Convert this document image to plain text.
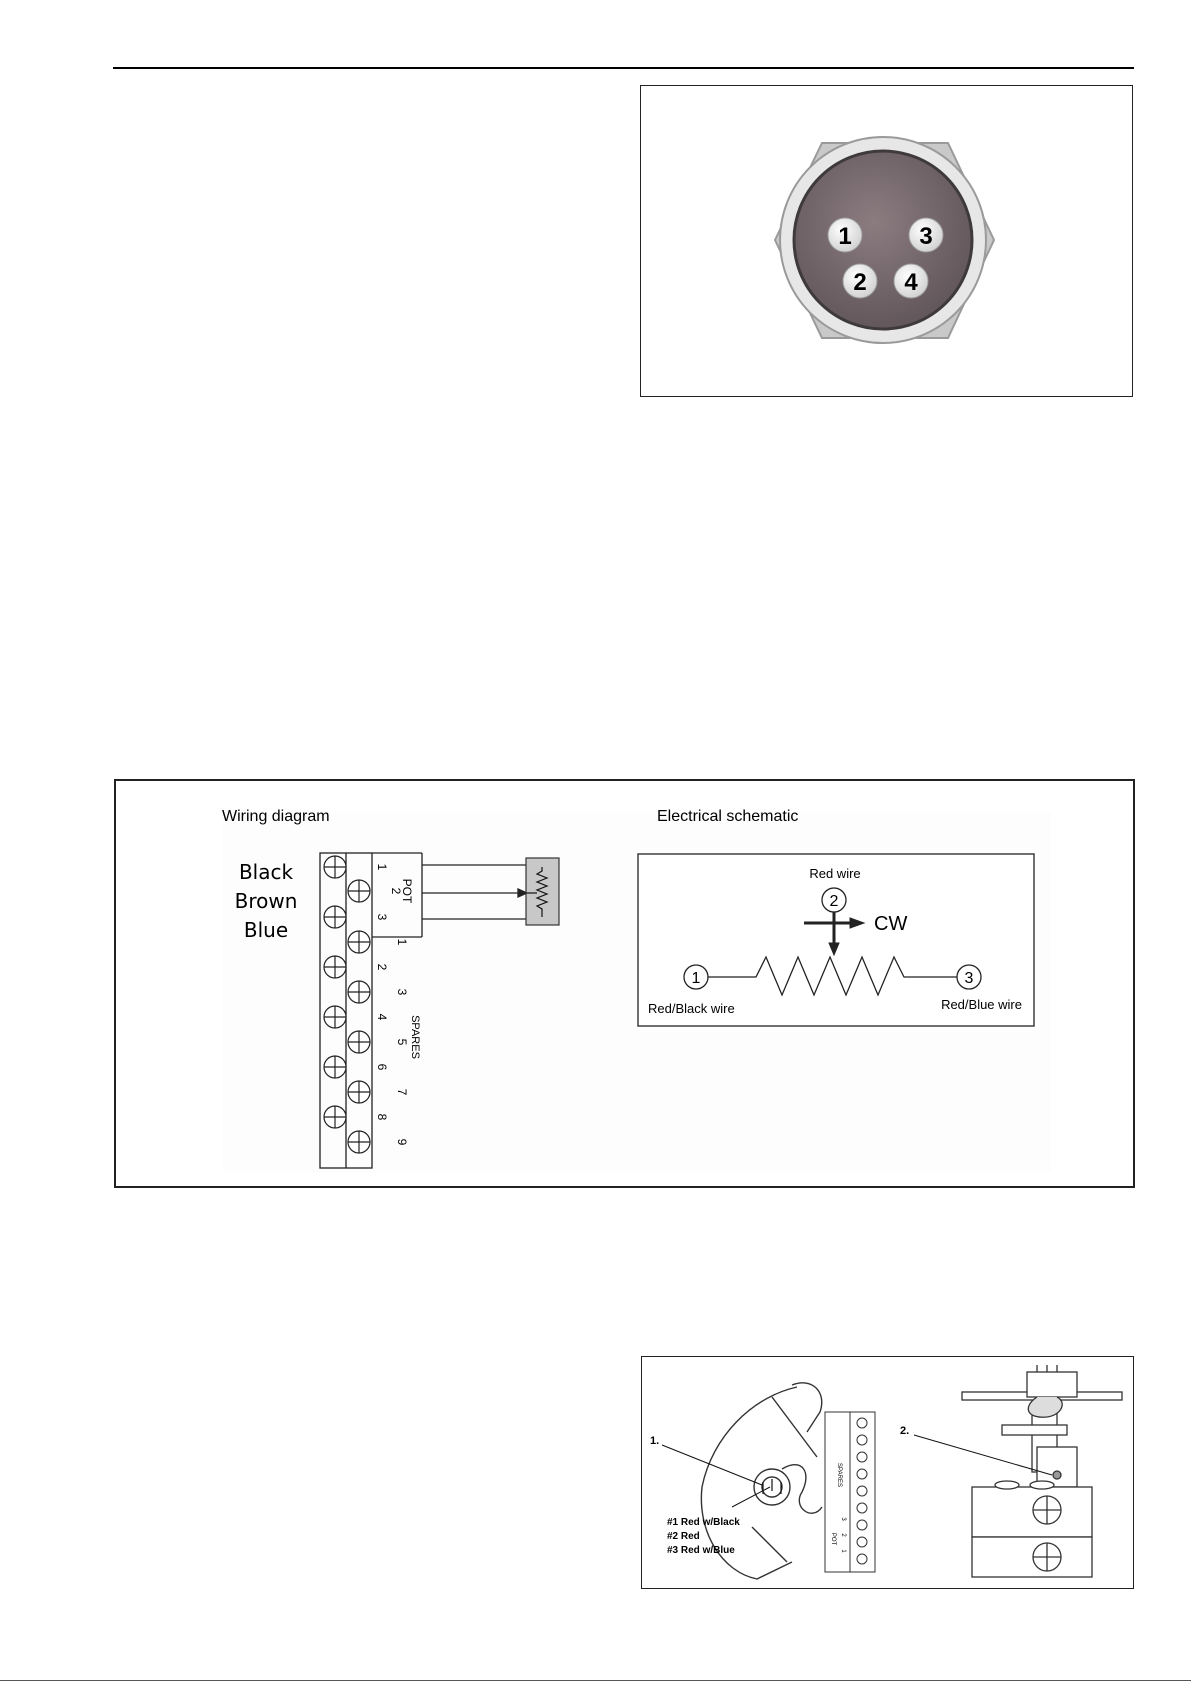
1	3
2 4
Wiring diagram	Electrical schematic
Black
Brown
Blue
1
2
3
POT
1
2
3
4
5
6
7
8
9
SPARES
Red wire
2
CW
1	3
Red/Black wire	Red/Blue wire
1.
#1 Red w/Black
#2 Red
#3 Red w/Blue
SPARES
POT
3
2
1
2.
